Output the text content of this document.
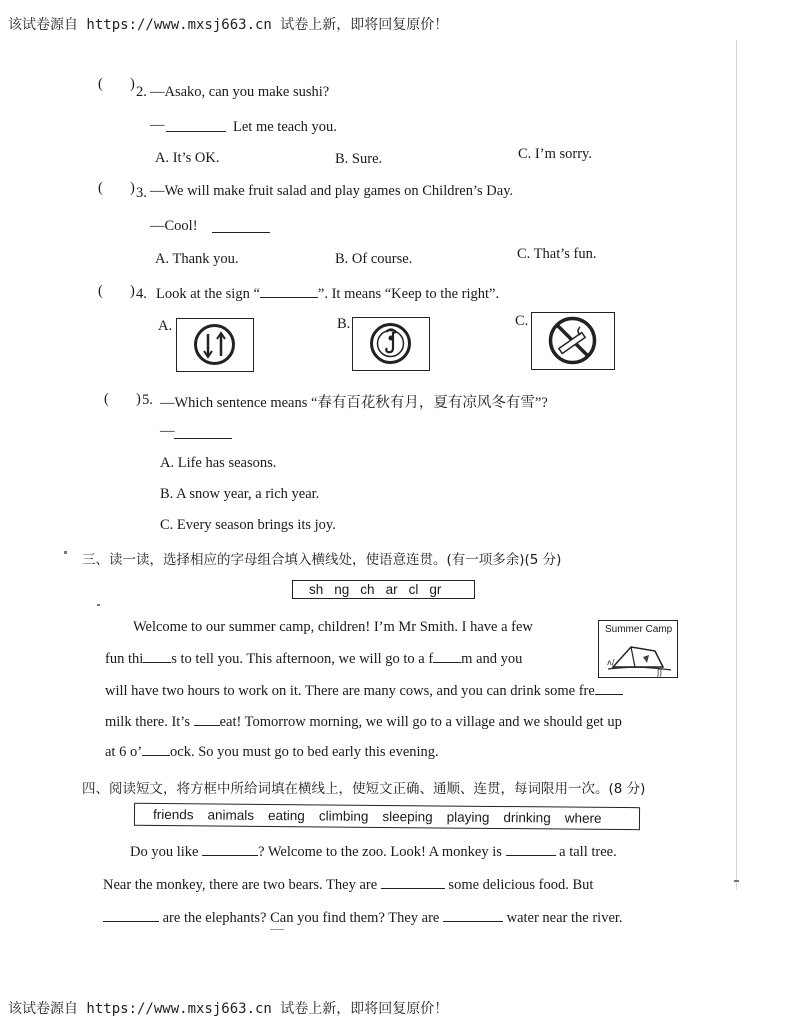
该试卷源自 https://www.mxsj663.cn 试卷上新，即将回复原价！
( ) 2. —Asako, can you make sushi?
—	Let me teach you.
A. It’s OK.	B. Sure.	C. I’m sorry.
( ) 3. —We will make fruit salad and play games on Children’s Day.
—Cool!
A. Thank you.	B. Of course.	C. That’s fun.
( ) 4. Look at the sign “	”. It means “Keep to the right”.
A.	B.	C.
( ) 5. —Which sentence means “春有百花秋有月，夏有凉风冬有雪”?
—
A. Life has seasons.
B. A snow year, a rich year.
C. Every season brings its joy.
三、读一读，选择相应的字母组合填入横线处，使语意连贯。(有一项多余)(5 分)
sh ng ch ar cl gr
Welcome to our summer camp, children! I’m Mr Smith. I have a few
fun thi s to tell you. This afternoon, we will go to a f m and you
will have two hours to work on it. There are many cows, and you can drink some fre
milk there. It’s eat! Tomorrow morning, we will go to a village and we should get up
at 6 o’ ock. So you must go to bed early this evening.
Summer Camp
ʌ/.
ʃʃ
四、阅读短文，将方框中所给词填在横线上，使短文正确、通顺、连贯，每词限用一次。(8 分)
friends animals eating climbing sleeping playing drinking where
Do you like	? Welcome to the zoo. Look! A monkey is	a tall tree.
Near the monkey, there are two bears. They are	some delicious food. But
are the elephants? Can you find them? They are	water near the river.
该试卷源自 https://www.mxsj663.cn 试卷上新，即将回复原价！
